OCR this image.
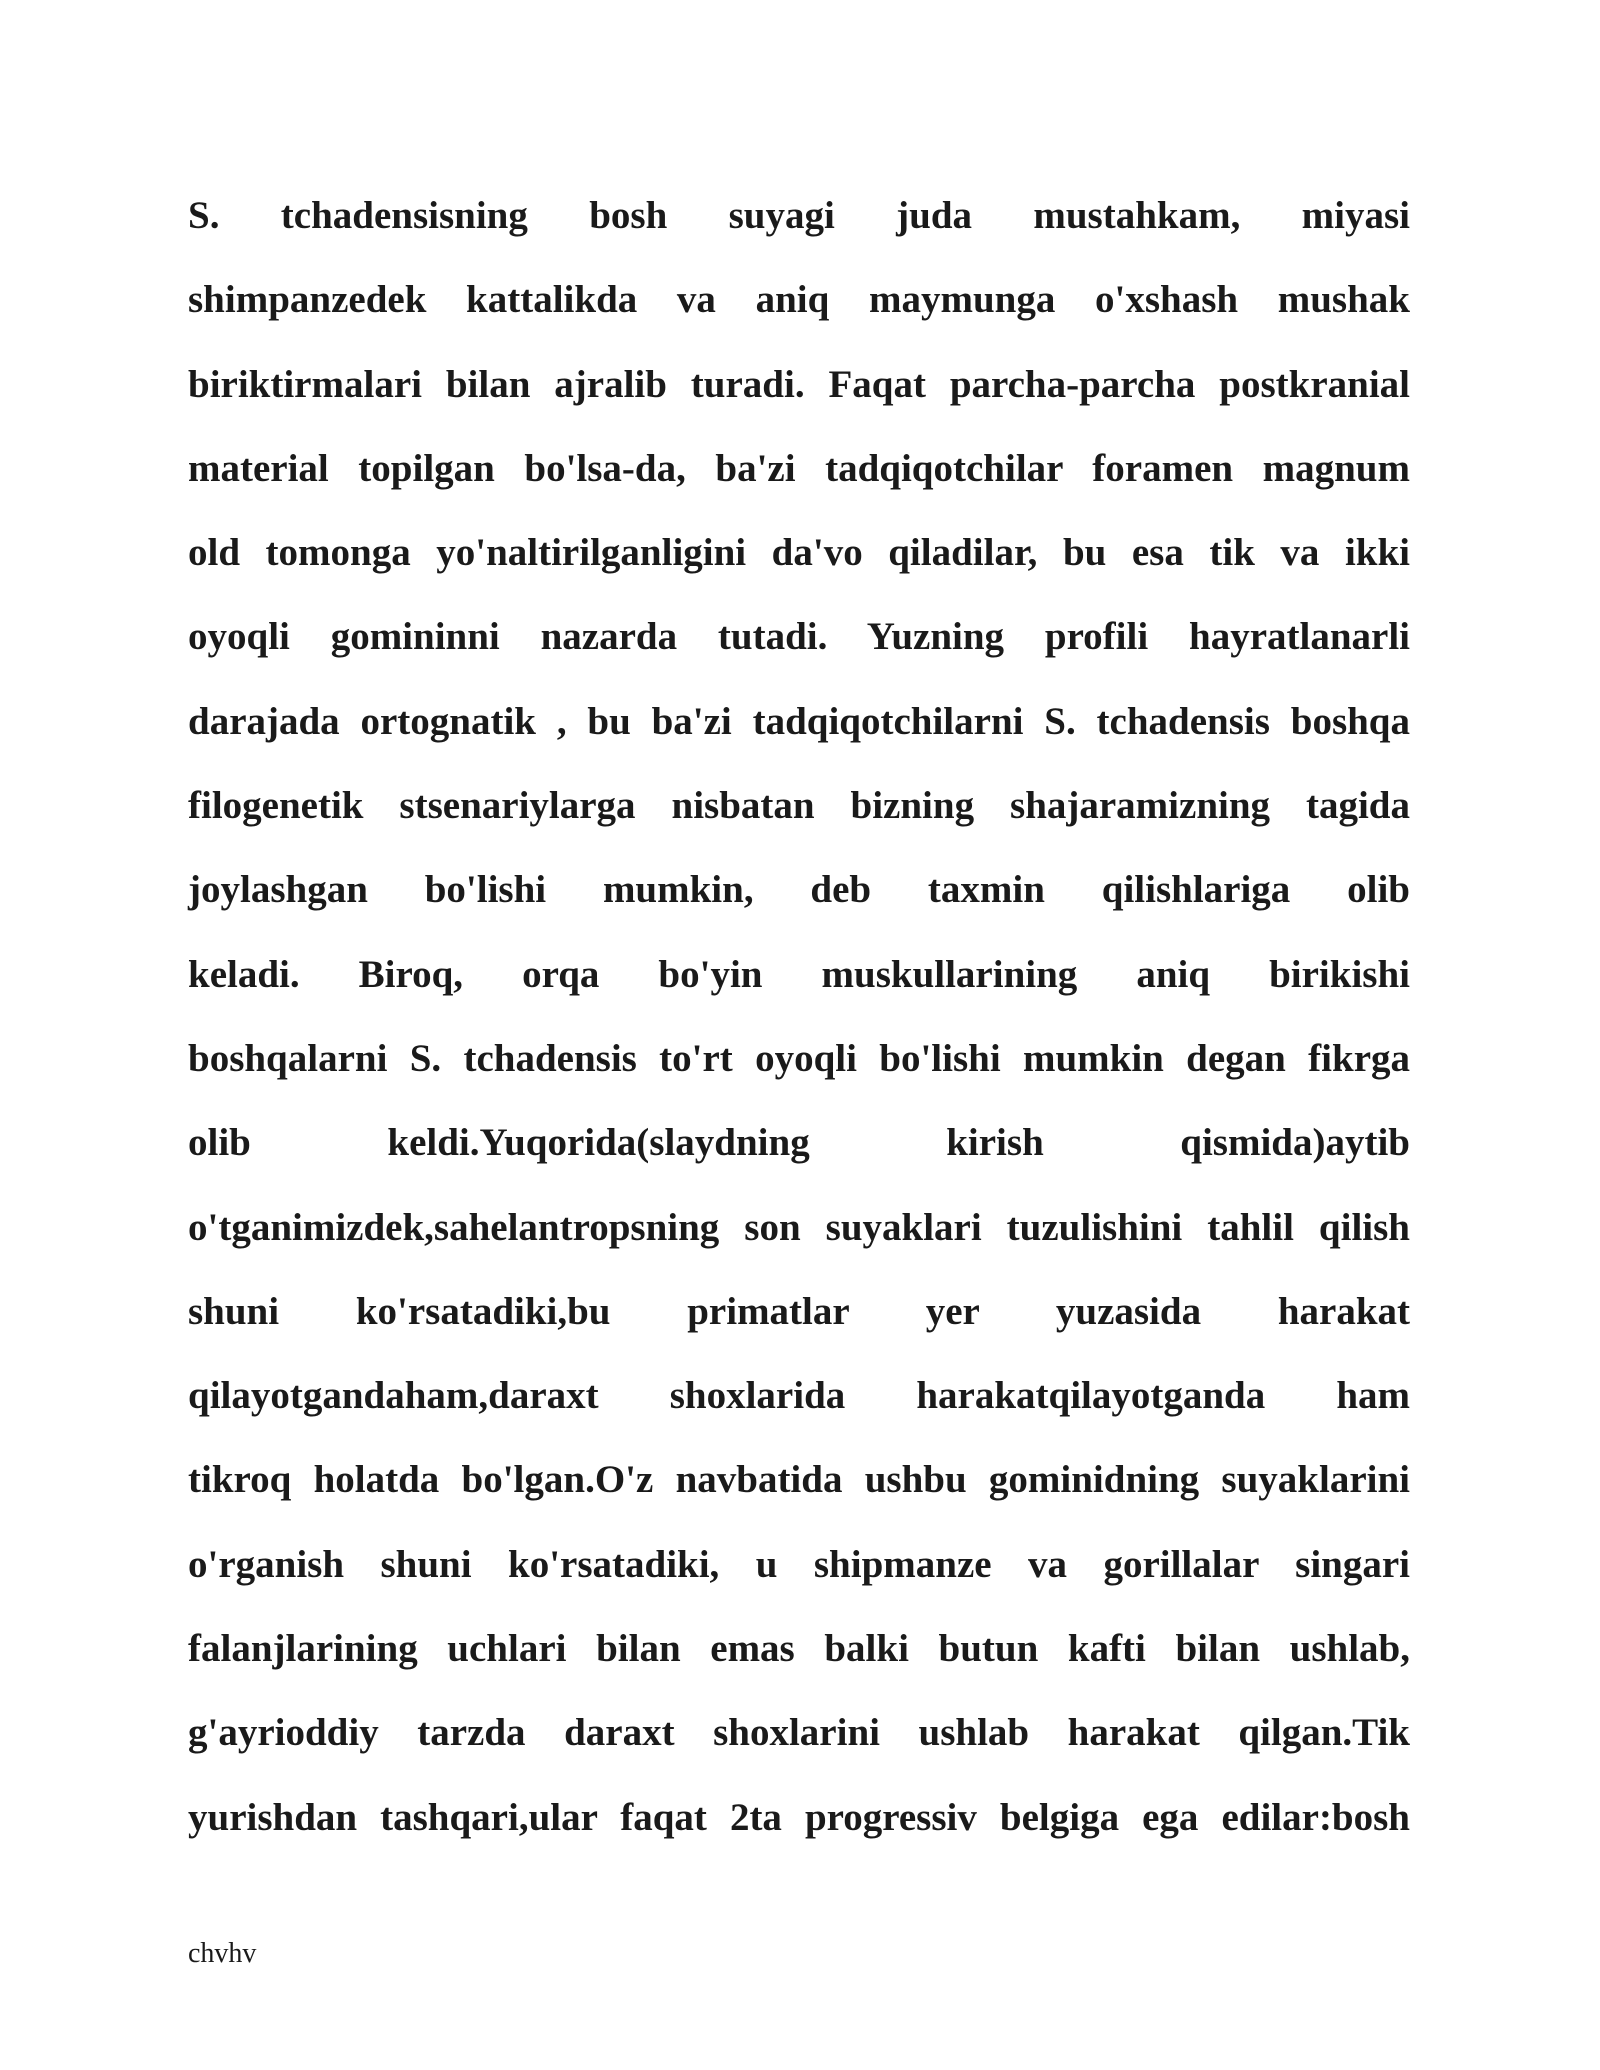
S. tchadensisning bosh suyagi juda mustahkam, miyasi
shimpanzedek kattalikda va aniq maymunga o'xshash mushak
biriktirmalari bilan ajralib turadi. Faqat parcha-parcha postkranial
material topilgan bo'lsa-da, ba'zi tadqiqotchilar foramen magnum
old tomonga yo'naltirilganligini da'vo qiladilar, bu esa tik va ikki
oyoqli gomininni nazarda tutadi. Yuzning profili hayratlanarli
darajada ortognatik , bu ba'zi tadqiqotchilarni S. tchadensis boshqa
filogenetik stsenariylarga nisbatan bizning shajaramizning tagida
joylashgan bo'lishi mumkin, deb taxmin qilishlariga olib
keladi. Biroq, orqa bo'yin muskullarining aniq birikishi
boshqalarni S. tchadensis to'rt oyoqli bo'lishi mumkin degan fikrga
olib keldi.Yuqorida(slaydning kirish qismida)aytib
o'tganimizdek,sahelantropsning son suyaklari tuzulishini tahlil qilish
shuni ko'rsatadiki,bu primatlar yer yuzasida harakat
qilayotgandaham,daraxt shoxlarida harakatqilayotganda ham
tikroq holatda bo'lgan.O'z navbatida ushbu gominidning suyaklarini
o'rganish shuni ko'rsatadiki, u shipmanze va gorillalar singari
falanjlarining uchlari bilan emas balki butun kafti bilan ushlab,
g'ayrioddiy tarzda daraxt shoxlarini ushlab harakat qilgan.Tik
yurishdan tashqari,ular faqat 2ta progressiv belgiga ega edilar:bosh
chvhv
